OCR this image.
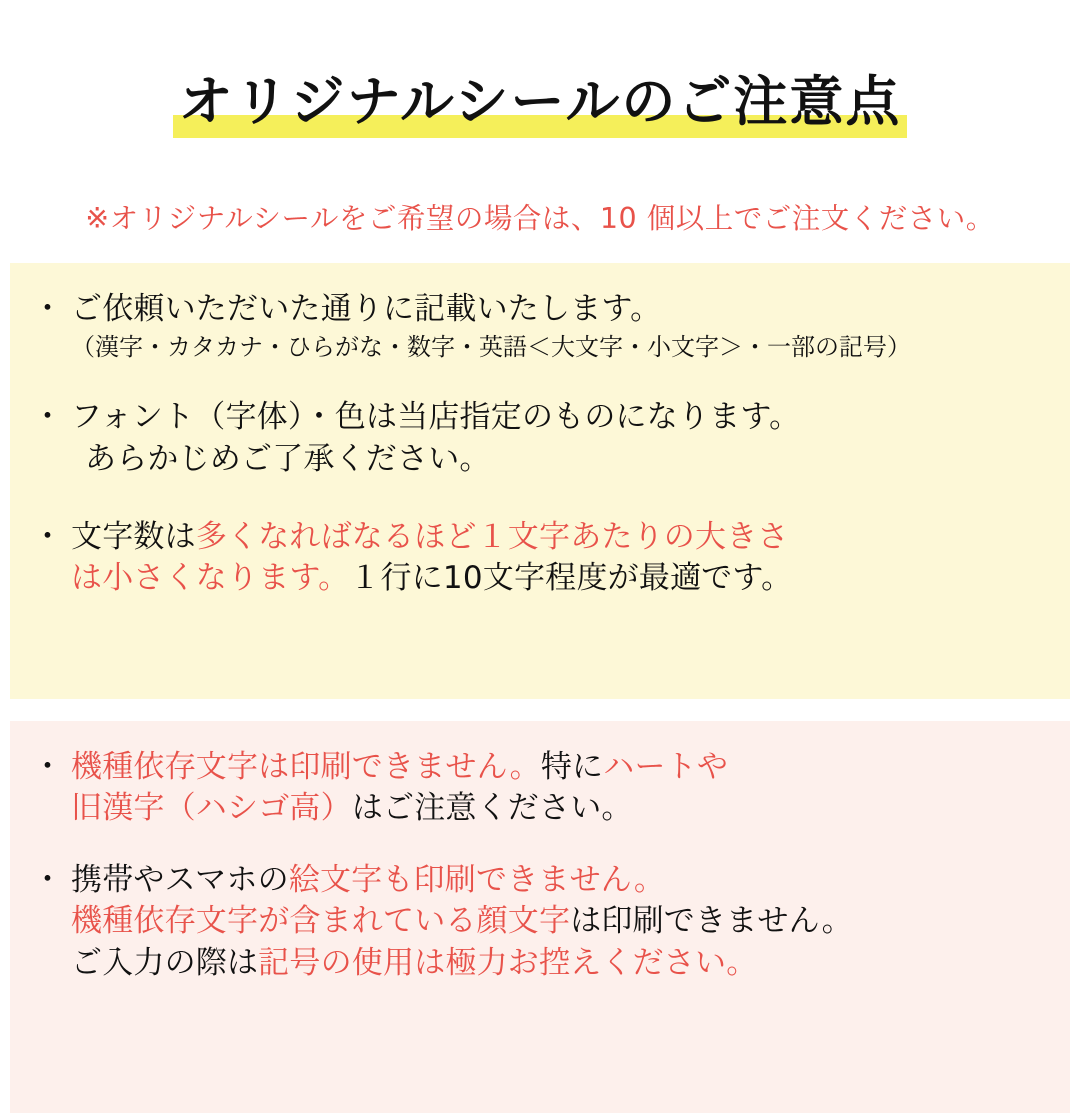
オリジナルシールのご注意点
※オリジナルシールをご希望の場合は、10 個以上でご注文ください。
・ ご依頼いただいた通りに記載いたします。
（漢字・カタカナ・ひらがな・数字・英語＜大文字・小文字＞・一部の記号）
・ フォント（字体）・色は当店指定のものになります。
あらかじめご了承ください。
・ 文字数は多くなればなるほど１文字あたりの大きさ
は小さくなります。１行に10文字程度が最適です。
・ 機種依存文字は印刷できません。特にハートや
旧漢字（ハシゴ高）はご注意ください。
・ 携帯やスマホの絵文字も印刷できません。
機種依存文字が含まれている顔文字は印刷できません。
ご入力の際は記号の使用は極力お控えください。
